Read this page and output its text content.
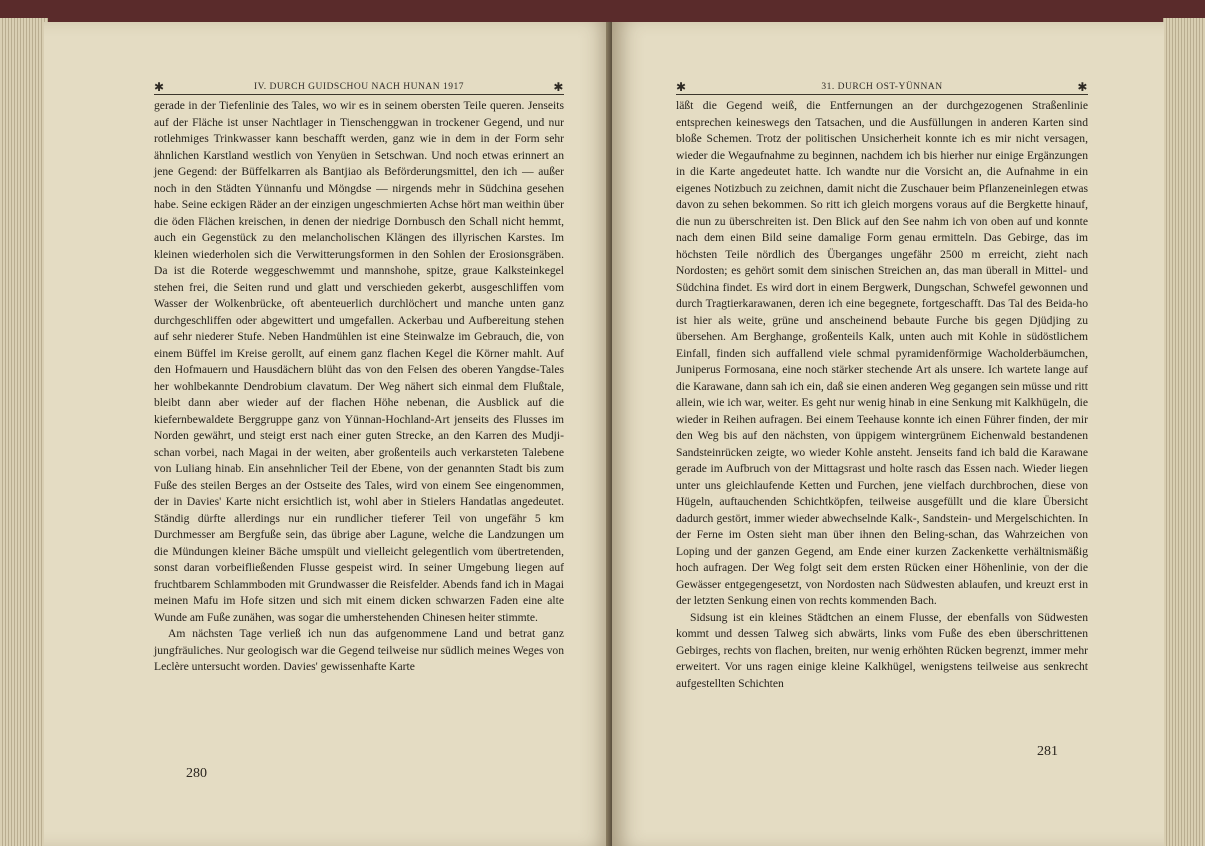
✱	IV. DURCH GUIDSCHOU NACH HUNAN 1917	✱

gerade in der Tiefenlinie des Tales, wo wir es in seinem obersten Teile queren. Jenseits auf der Fläche ist unser Nachtlager in Tienschenggwan in trockener Gegend, und nur rotlehmiges Trinkwasser kann beschafft werden, ganz wie in dem in der Form sehr ähnlichen Karstland westlich von Yenyüen in Setschwan. Und noch etwas erinnert an jene Gegend: der Büffelkarren als Bantjiao als Beförderungsmittel, den ich — außer noch in den Städten Yünnanfu und Möngdse — nirgends mehr in Südchina gesehen habe. Seine eckigen Räder an der einzigen ungeschmierten Achse hört man weithin über die öden Flächen kreischen, in denen der niedrige Dornbusch den Schall nicht hemmt, auch ein Gegenstück zu den melancholischen Klängen des illyrischen Karstes. Im kleinen wiederholen sich die Verwitterungsformen in den Sohlen der Erosionsgräben. Da ist die Roterde weggeschwemmt und mannshohe, spitze, graue Kalksteinkegel stehen frei, die Seiten rund und glatt und verschieden gekerbt, ausgeschliffen vom Wasser der Wolkenbrücke, oft abenteuerlich durchlöchert und manche unten ganz durchgeschliffen oder abgewittert und umgefallen. Ackerbau und Aufbereitung stehen auf sehr niederer Stufe. Neben Handmühlen ist eine Steinwalze im Gebrauch, die, von einem Büffel im Kreise gerollt, auf einem ganz flachen Kegel die Körner mahlt. Auf den Hofmauern und Hausdächern blüht das von den Felsen des oberen Yangdse-Tales her wohlbekannte Dendrobium clavatum. Der Weg nähert sich einmal dem Flußtale, bleibt dann aber wieder auf der flachen Höhe nebenan, die Ausblick auf die kiefernbewaldete Berggruppe ganz von Yünnan-Hochland-Art jenseits des Flusses im Norden gewährt, und steigt erst nach einer guten Strecke, an den Karren des Mudji-schan vorbei, nach Magai in der weiten, aber großenteils auch verkarsteten Talebene von Luliang hinab. Ein ansehnlicher Teil der Ebene, von der genannten Stadt bis zum Fuße des steilen Berges an der Ostseite des Tales, wird von einem See eingenommen, der in Davies' Karte nicht ersichtlich ist, wohl aber in Stielers Handatlas angedeutet. Ständig dürfte allerdings nur ein rundlicher tieferer Teil von ungefähr 5 km Durchmesser am Bergfuße sein, das übrige aber Lagune, welche die Landzungen um die Mündungen kleiner Bäche umspült und vielleicht gelegentlich vom übertretenden, sonst daran vorbeifließenden Flusse gespeist wird. In seiner Umgebung liegen auf fruchtbarem Schlammboden mit Grundwasser die Reisfelder. Abends fand ich in Magai meinen Mafu im Hofe sitzen und sich mit einem dicken schwarzen Faden eine alte Wunde am Fuße zunähen, was sogar die umherstehenden Chinesen heiter stimmte.

Am nächsten Tage verließ ich nun das aufgenommene Land und betrat ganz jungfräuliches. Nur geologisch war die Gegend teilweise nur südlich meines Weges von Leclère untersucht worden. Davies' gewissenhafte Karte

280
✱	31. DURCH OST-YÜNNAN	✱

läßt die Gegend weiß, die Entfernungen an der durchgezogenen Straßenlinie entsprechen keineswegs den Tatsachen, und die Ausfüllungen in anderen Karten sind bloße Schemen. Trotz der politischen Unsicherheit konnte ich es mir nicht versagen, wieder die Wegaufnahme zu beginnen, nachdem ich bis hierher nur einige Ergänzungen in die Karte angedeutet hatte. Ich wandte nur die Vorsicht an, die Aufnahme in ein eigenes Notizbuch zu zeichnen, damit nicht die Zuschauer beim Pflanzeneinlegen etwas davon zu sehen bekommen. So ritt ich gleich morgens voraus auf die Bergkette hinauf, die nun zu überschreiten ist. Den Blick auf den See nahm ich von oben auf und konnte nach dem einen Bild seine damalige Form genau ermitteln. Das Gebirge, das im höchsten Teile nördlich des Überganges ungefähr 2500 m erreicht, zieht nach Nordosten; es gehört somit dem sinischen Streichen an, das man überall in Mittel- und Südchina findet. Es wird dort in einem Bergwerk, Dungschan, Schwefel gewonnen und durch Tragtierkarawanen, deren ich eine begegnete, fortgeschafft. Das Tal des Beida-ho ist hier als weite, grüne und anscheinend bebaute Furche bis gegen Djüdjing zu übersehen. Am Berghange, großenteils Kalk, unten auch mit Kohle in südöstlichem Einfall, finden sich auffallend viele schmal pyramidenförmige Wacholderbäumchen, Juniperus Formosana, eine noch stärker stechende Art als unsere. Ich wartete lange auf die Karawane, dann sah ich ein, daß sie einen anderen Weg gegangen sein müsse und ritt allein, wie ich war, weiter. Es geht nur wenig hinab in eine Senkung mit Kalkhügeln, die wieder in Reihen aufragen. Bei einem Teehause konnte ich einen Führer finden, der mir den Weg bis auf den nächsten, von üppigem wintergrünem Eichenwald bestandenen Sandsteinrücken zeigte, wo wieder Kohle ansteht. Jenseits fand ich bald die Karawane gerade im Aufbruch von der Mittagsrast und holte rasch das Essen nach. Wieder liegen unter uns gleichlaufende Ketten und Furchen, jene vielfach durchbrochen, diese von Hügeln, auftauchenden Schichtköpfen, teilweise ausgefüllt und die klare Übersicht dadurch gestört, immer wieder abwechselnde Kalk-, Sandstein- und Mergelschichten. In der Ferne im Osten sieht man über ihnen den Beling-schan, das Wahrzeichen von Loping und der ganzen Gegend, am Ende einer kurzen Zackenkette verhältnismäßig hoch aufragen. Der Weg folgt seit dem ersten Rücken einer Höhenlinie, von der die Gewässer entgegengesetzt, von Nordosten nach Südwesten ablaufen, und kreuzt erst in der letzten Senkung einen von rechts kommenden Bach.

Sidsung ist ein kleines Städtchen an einem Flusse, der ebenfalls von Südwesten kommt und dessen Talweg sich abwärts, links vom Fuße des eben überschrittenen Gebirges, rechts von flachen, breiten, nur wenig erhöhten Rücken begrenzt, immer mehr erweitert. Vor uns ragen einige kleine Kalkhügel, wenigstens teilweise aus senkrecht aufgestellten Schichten

281
